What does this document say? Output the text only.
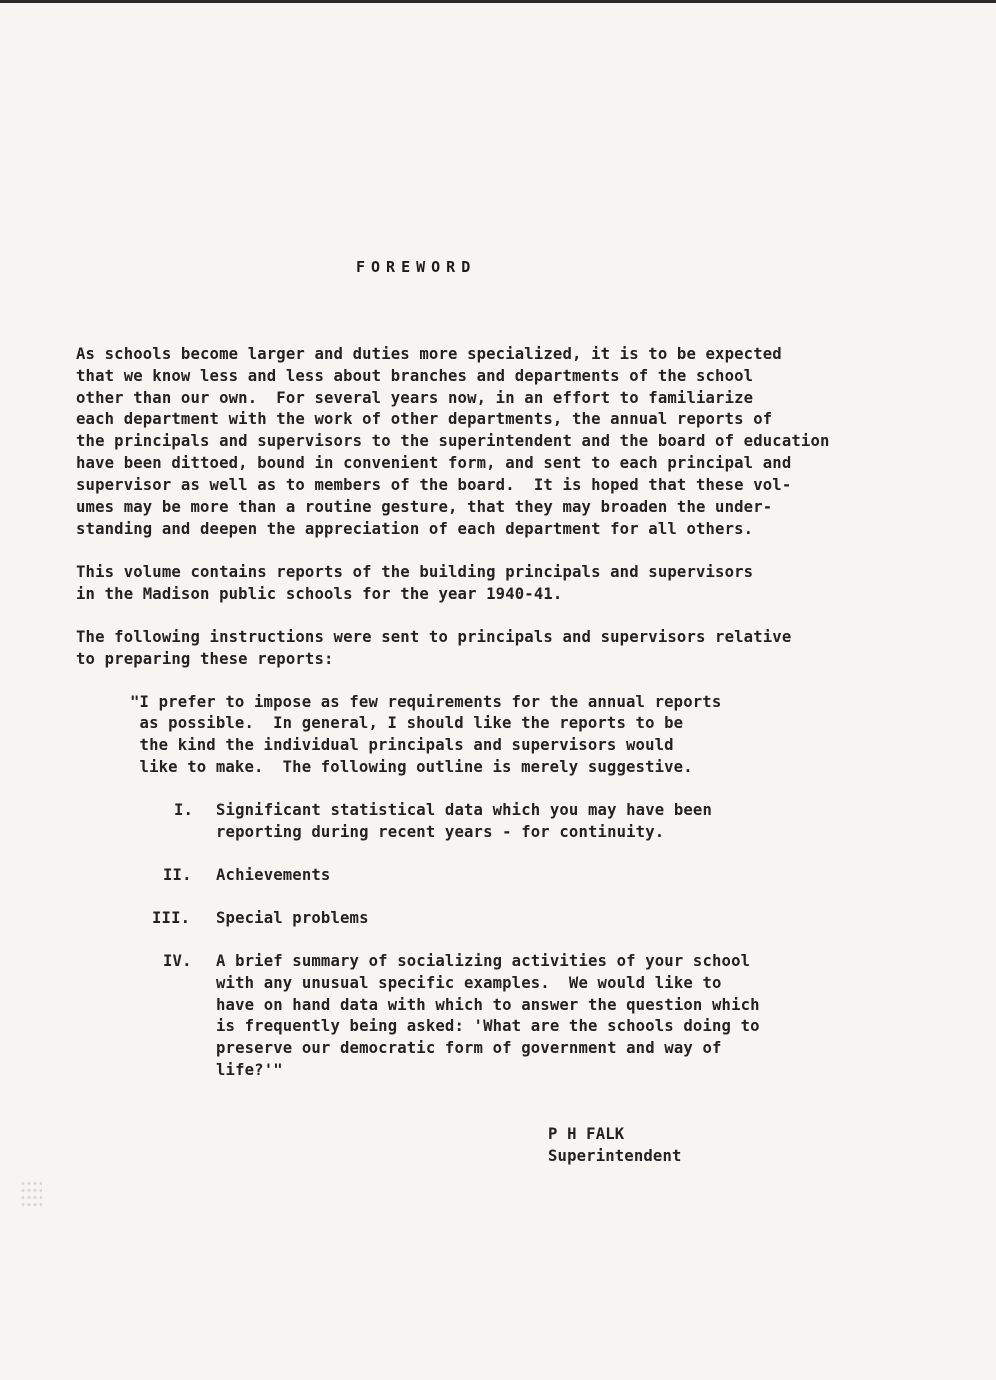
FOREWORD
As schools become larger and duties more specialized, it is to be expected
that we know less and less about branches and departments of the school
other than our own.  For several years now, in an effort to familiarize
each department with the work of other departments, the annual reports of
the principals and supervisors to the superintendent and the board of education
have been dittoed, bound in convenient form, and sent to each principal and
supervisor as well as to members of the board.  It is hoped that these vol-
umes may be more than a routine gesture, that they may broaden the under-
standing and deepen the appreciation of each department for all others.
This volume contains reports of the building principals and supervisors
in the Madison public schools for the year 1940-41.
The following instructions were sent to principals and supervisors relative
to preparing these reports:
"I prefer to impose as few requirements for the annual reports
as possible.  In general, I should like the reports to be
the kind the individual principals and supervisors would
like to make.  The following outline is merely suggestive.
I. Significant statistical data which you may have been
reporting during recent years - for continuity.
II. Achievements
III. Special problems
IV. A brief summary of socializing activities of your school
with any unusual specific examples.  We would like to
have on hand data with which to answer the question which
is frequently being asked: 'What are the schools doing to
preserve our democratic form of government and way of
life?'"
P H FALK
Superintendent
